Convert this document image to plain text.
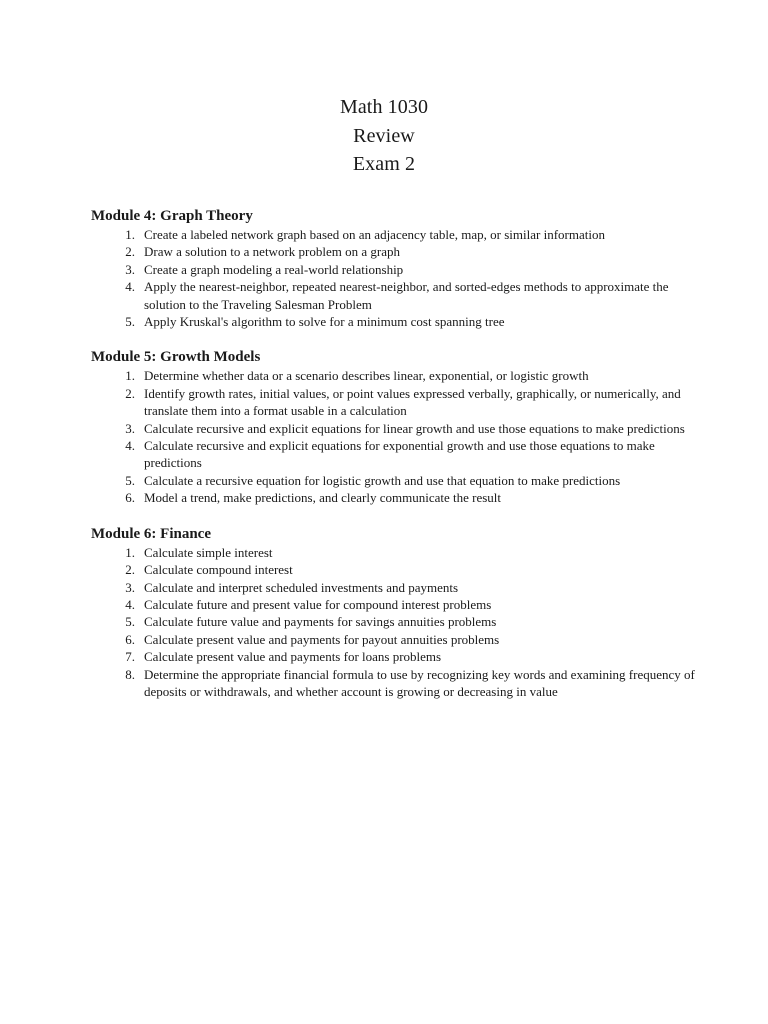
Math 1030
Review
Exam 2
Module 4: Graph Theory
1. Create a labeled network graph based on an adjacency table, map, or similar information
2. Draw a solution to a network problem on a graph
3. Create a graph modeling a real-world relationship
4. Apply the nearest-neighbor, repeated nearest-neighbor, and sorted-edges methods to approximate the solution to the Traveling Salesman Problem
5. Apply Kruskal's algorithm to solve for a minimum cost spanning tree
Module 5: Growth Models
1. Determine whether data or a scenario describes linear, exponential, or logistic growth
2. Identify growth rates, initial values, or point values expressed verbally, graphically, or numerically, and translate them into a format usable in a calculation
3. Calculate recursive and explicit equations for linear growth and use those equations to make predictions
4. Calculate recursive and explicit equations for exponential growth and use those equations to make predictions
5. Calculate a recursive equation for logistic growth and use that equation to make predictions
6. Model a trend, make predictions, and clearly communicate the result
Module 6: Finance
1. Calculate simple interest
2. Calculate compound interest
3. Calculate and interpret scheduled investments and payments
4. Calculate future and present value for compound interest problems
5. Calculate future value and payments for savings annuities problems
6. Calculate present value and payments for payout annuities problems
7. Calculate present value and payments for loans problems
8. Determine the appropriate financial formula to use by recognizing key words and examining frequency of deposits or withdrawals, and whether account is growing or decreasing in value
